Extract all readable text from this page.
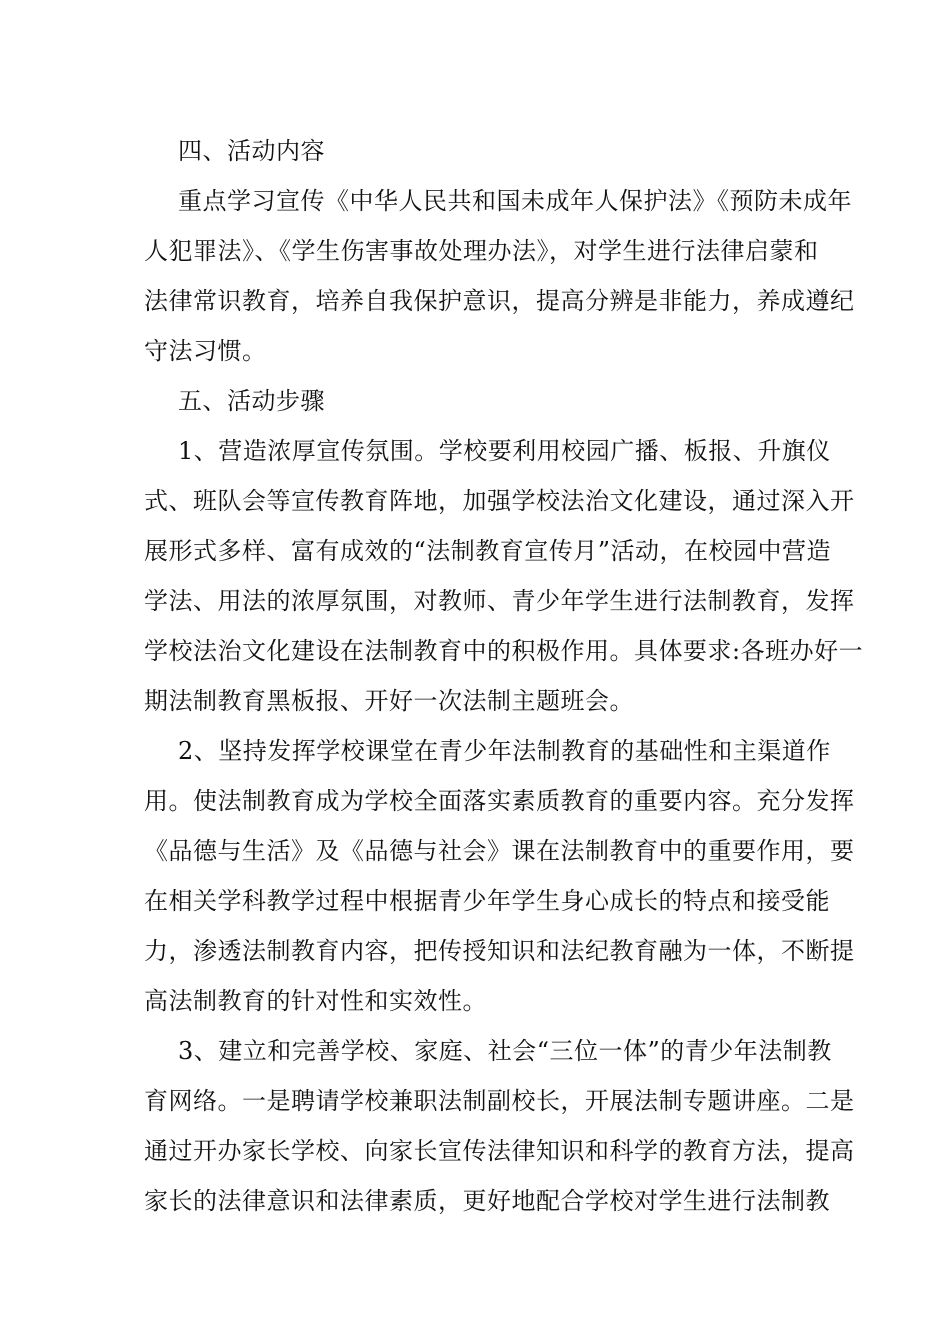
四、活动内容
重点学习宣传《中华人民共和国未成年人保护法》《预防未成年
人犯罪法》、《学生伤害事故处理办法》，对学生进行法律启蒙和
法律常识教育，培养自我保护意识，提高分辨是非能力，养成遵纪
守法习惯。
五、活动步骤
1、营造浓厚宣传氛围。学校要利用校园广播、板报、升旗仪
式、班队会等宣传教育阵地，加强学校法治文化建设，通过深入开
展形式多样、富有成效的“法制教育宣传月”活动，在校园中营造
学法、用法的浓厚氛围，对教师、青少年学生进行法制教育，发挥
学校法治文化建设在法制教育中的积极作用。具体要求:各班办好一
期法制教育黑板报、开好一次法制主题班会。
2、坚持发挥学校课堂在青少年法制教育的基础性和主渠道作
用。使法制教育成为学校全面落实素质教育的重要内容。充分发挥
《品德与生活》及《品德与社会》课在法制教育中的重要作用，要
在相关学科教学过程中根据青少年学生身心成长的特点和接受能
力，渗透法制教育内容，把传授知识和法纪教育融为一体，不断提
高法制教育的针对性和实效性。
3、建立和完善学校、家庭、社会“三位一体”的青少年法制教
育网络。一是聘请学校兼职法制副校长，开展法制专题讲座。二是
通过开办家长学校、向家长宣传法律知识和科学的教育方法，提高
家长的法律意识和法律素质，更好地配合学校对学生进行法制教
